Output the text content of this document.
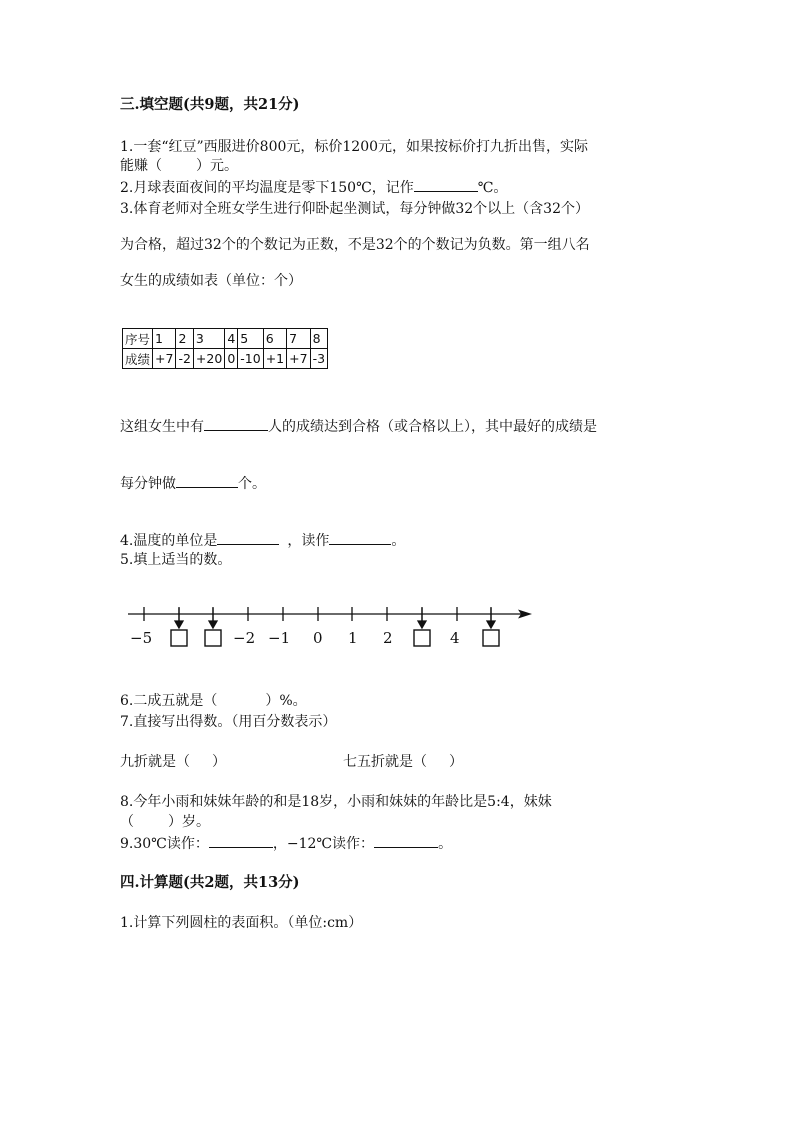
三.填空题(共9题，共21分)
1.一套“红豆”西服进价800元，标价1200元，如果按标价打九折出售，实际
能赚（ ）元。
2.月球表面夜间的平均温度是零下150℃，记作	℃。
3.体育老师对全班女学生进行仰卧起坐测试，每分钟做32个以上（含32个）
为合格，超过32个的个数记为正数，不是32个的个数记为负数。第一组八名
女生的成绩如表（单位：个）
序号	1	2	3	4	5	6	7	8
成绩	+7	-2	+20	0	-10	+1	+7	-3
这组女生中有	人的成绩达到合格（或合格以上），其中最好的成绩是
每分钟做	个。
4.温度的单位是	，读作	。
5.填上适当的数。
−5	−2 −1 0 1 2	4
6.二成五就是（	）%。
7.直接写出得数。（用百分数表示）
九折就是（ ）	七五折就是（ ）
8.今年小雨和妹妹年龄的和是18岁，小雨和妹妹的年龄比是5:4，妹妹
（ ）岁。
9.30℃读作：	，−12℃读作：	。
四.计算题(共2题，共13分)
1.计算下列圆柱的表面积。（单位:cm）
